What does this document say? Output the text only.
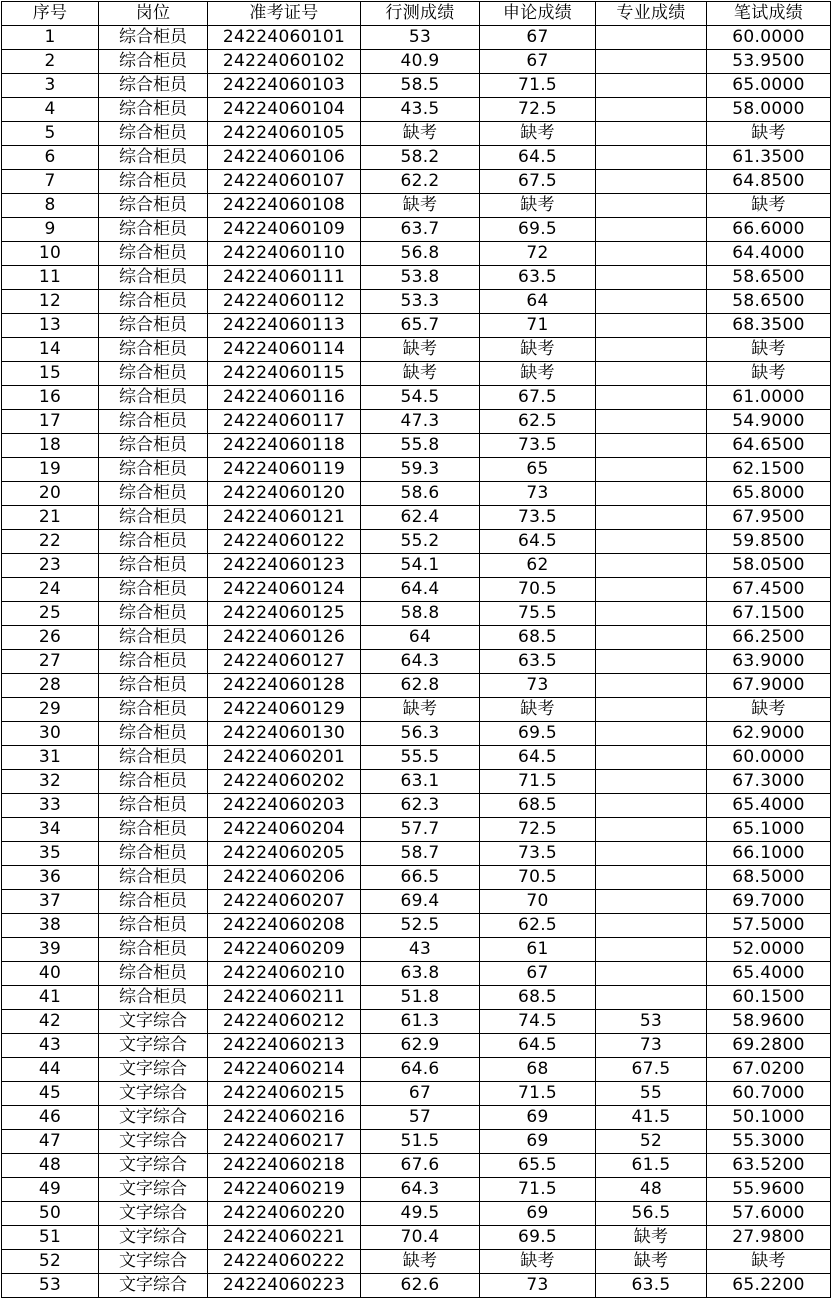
序号	岗位	准考证号	行测成绩	申论成绩	专业成绩	笔试成绩
1	综合柜员	24224060101	53	67		60.0000
2	综合柜员	24224060102	40.9	67		53.9500
3	综合柜员	24224060103	58.5	71.5		65.0000
4	综合柜员	24224060104	43.5	72.5		58.0000
5	综合柜员	24224060105	缺考	缺考		缺考
6	综合柜员	24224060106	58.2	64.5		61.3500
7	综合柜员	24224060107	62.2	67.5		64.8500
8	综合柜员	24224060108	缺考	缺考		缺考
9	综合柜员	24224060109	63.7	69.5		66.6000
10	综合柜员	24224060110	56.8	72		64.4000
11	综合柜员	24224060111	53.8	63.5		58.6500
12	综合柜员	24224060112	53.3	64		58.6500
13	综合柜员	24224060113	65.7	71		68.3500
14	综合柜员	24224060114	缺考	缺考		缺考
15	综合柜员	24224060115	缺考	缺考		缺考
16	综合柜员	24224060116	54.5	67.5		61.0000
17	综合柜员	24224060117	47.3	62.5		54.9000
18	综合柜员	24224060118	55.8	73.5		64.6500
19	综合柜员	24224060119	59.3	65		62.1500
20	综合柜员	24224060120	58.6	73		65.8000
21	综合柜员	24224060121	62.4	73.5		67.9500
22	综合柜员	24224060122	55.2	64.5		59.8500
23	综合柜员	24224060123	54.1	62		58.0500
24	综合柜员	24224060124	64.4	70.5		67.4500
25	综合柜员	24224060125	58.8	75.5		67.1500
26	综合柜员	24224060126	64	68.5		66.2500
27	综合柜员	24224060127	64.3	63.5		63.9000
28	综合柜员	24224060128	62.8	73		67.9000
29	综合柜员	24224060129	缺考	缺考		缺考
30	综合柜员	24224060130	56.3	69.5		62.9000
31	综合柜员	24224060201	55.5	64.5		60.0000
32	综合柜员	24224060202	63.1	71.5		67.3000
33	综合柜员	24224060203	62.3	68.5		65.4000
34	综合柜员	24224060204	57.7	72.5		65.1000
35	综合柜员	24224060205	58.7	73.5		66.1000
36	综合柜员	24224060206	66.5	70.5		68.5000
37	综合柜员	24224060207	69.4	70		69.7000
38	综合柜员	24224060208	52.5	62.5		57.5000
39	综合柜员	24224060209	43	61		52.0000
40	综合柜员	24224060210	63.8	67		65.4000
41	综合柜员	24224060211	51.8	68.5		60.1500
42	文字综合	24224060212	61.3	74.5	53	58.9600
43	文字综合	24224060213	62.9	64.5	73	69.2800
44	文字综合	24224060214	64.6	68	67.5	67.0200
45	文字综合	24224060215	67	71.5	55	60.7000
46	文字综合	24224060216	57	69	41.5	50.1000
47	文字综合	24224060217	51.5	69	52	55.3000
48	文字综合	24224060218	67.6	65.5	61.5	63.5200
49	文字综合	24224060219	64.3	71.5	48	55.9600
50	文字综合	24224060220	49.5	69	56.5	57.6000
51	文字综合	24224060221	70.4	69.5	缺考	27.9800
52	文字综合	24224060222	缺考	缺考	缺考	缺考
53	文字综合	24224060223	62.6	73	63.5	65.2200
